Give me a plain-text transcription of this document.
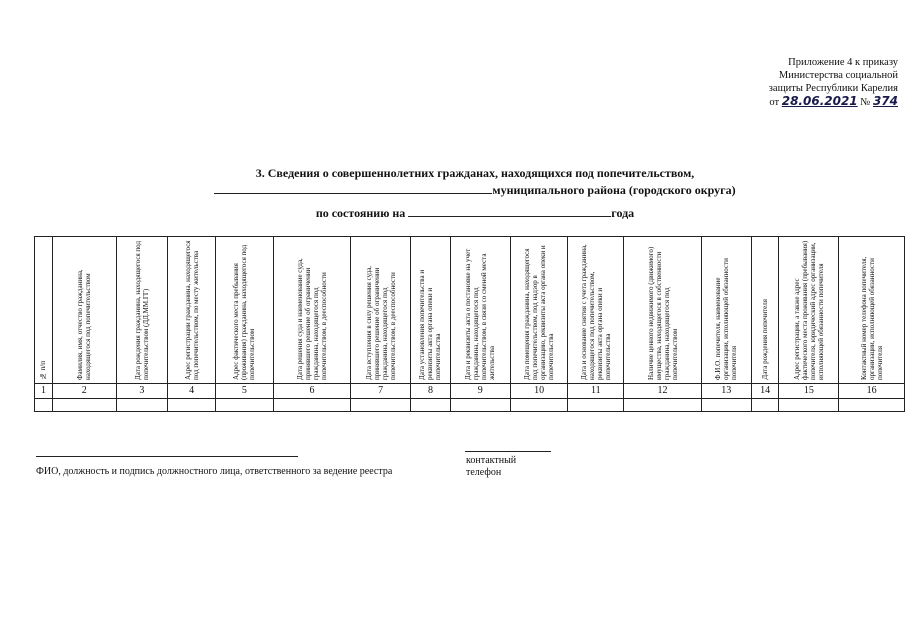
Приложение 4 к приказу
Министерства социальной
защиты Республики Карелия
от 28.06.2021 № 374
3. Сведения о совершеннолетних гражданах, находящихся под попечительством,
муниципального района (городского округа)
по состоянию на	года
№ п/п	Фамилия, имя, отчество гражданина, находящегося под попечительством	Дата рождения гражданина, находящегося под попечительством (ДД.ММ.ГГ)	Адрес регистрации гражданина, находящегося под попечительством, по месту жительства	Адрес фактического места пребывания (проживания) гражданина, находящегося под попечительством	Дата решения суда и наименование суда, принявшего решение об ограничении гражданина, находящегося под попечительством, в дееспособности	Дата вступления в силу решения суда, принявшего решение об ограничении гражданина, находящегося под попечительством, в дееспособности	Дата установления попечительства и реквизиты акта органа опеки и попечительства	Дата и реквизиты акта о постановке на учет гражданина, находящегося под попечительством, в связи со сменой места жительства	Дата помещения гражданина, находящегося под попечительством, под надзор в организацию, реквизиты акта органа опеки и попечительства	Дата и основание снятия с учета гражданина, находящегося под попечительством, реквизиты акта органа опеки и попечительства	Наличие ценного недвижимого (движимого) имущества, находящегося в собственности гражданина, находящегося под попечительством	Ф.И.О. попечителя, наименование организации, исполняющей обязанности попечителя	Дата рождения попечителя	Адрес регистрации, а также адрес фактического места проживания (пребывания) попечителя, юридический адрес организации, исполняющей обязанности попечителя	Контактный номер телефона попечителя, организации, исполняющей обязанности попечителя

1	2	3	4	5	6	7	8	9	10	11	12	13	14	15	16

ФИО, должность и подпись должностного лица, ответственного за ведение реестра
контактный
телефон
